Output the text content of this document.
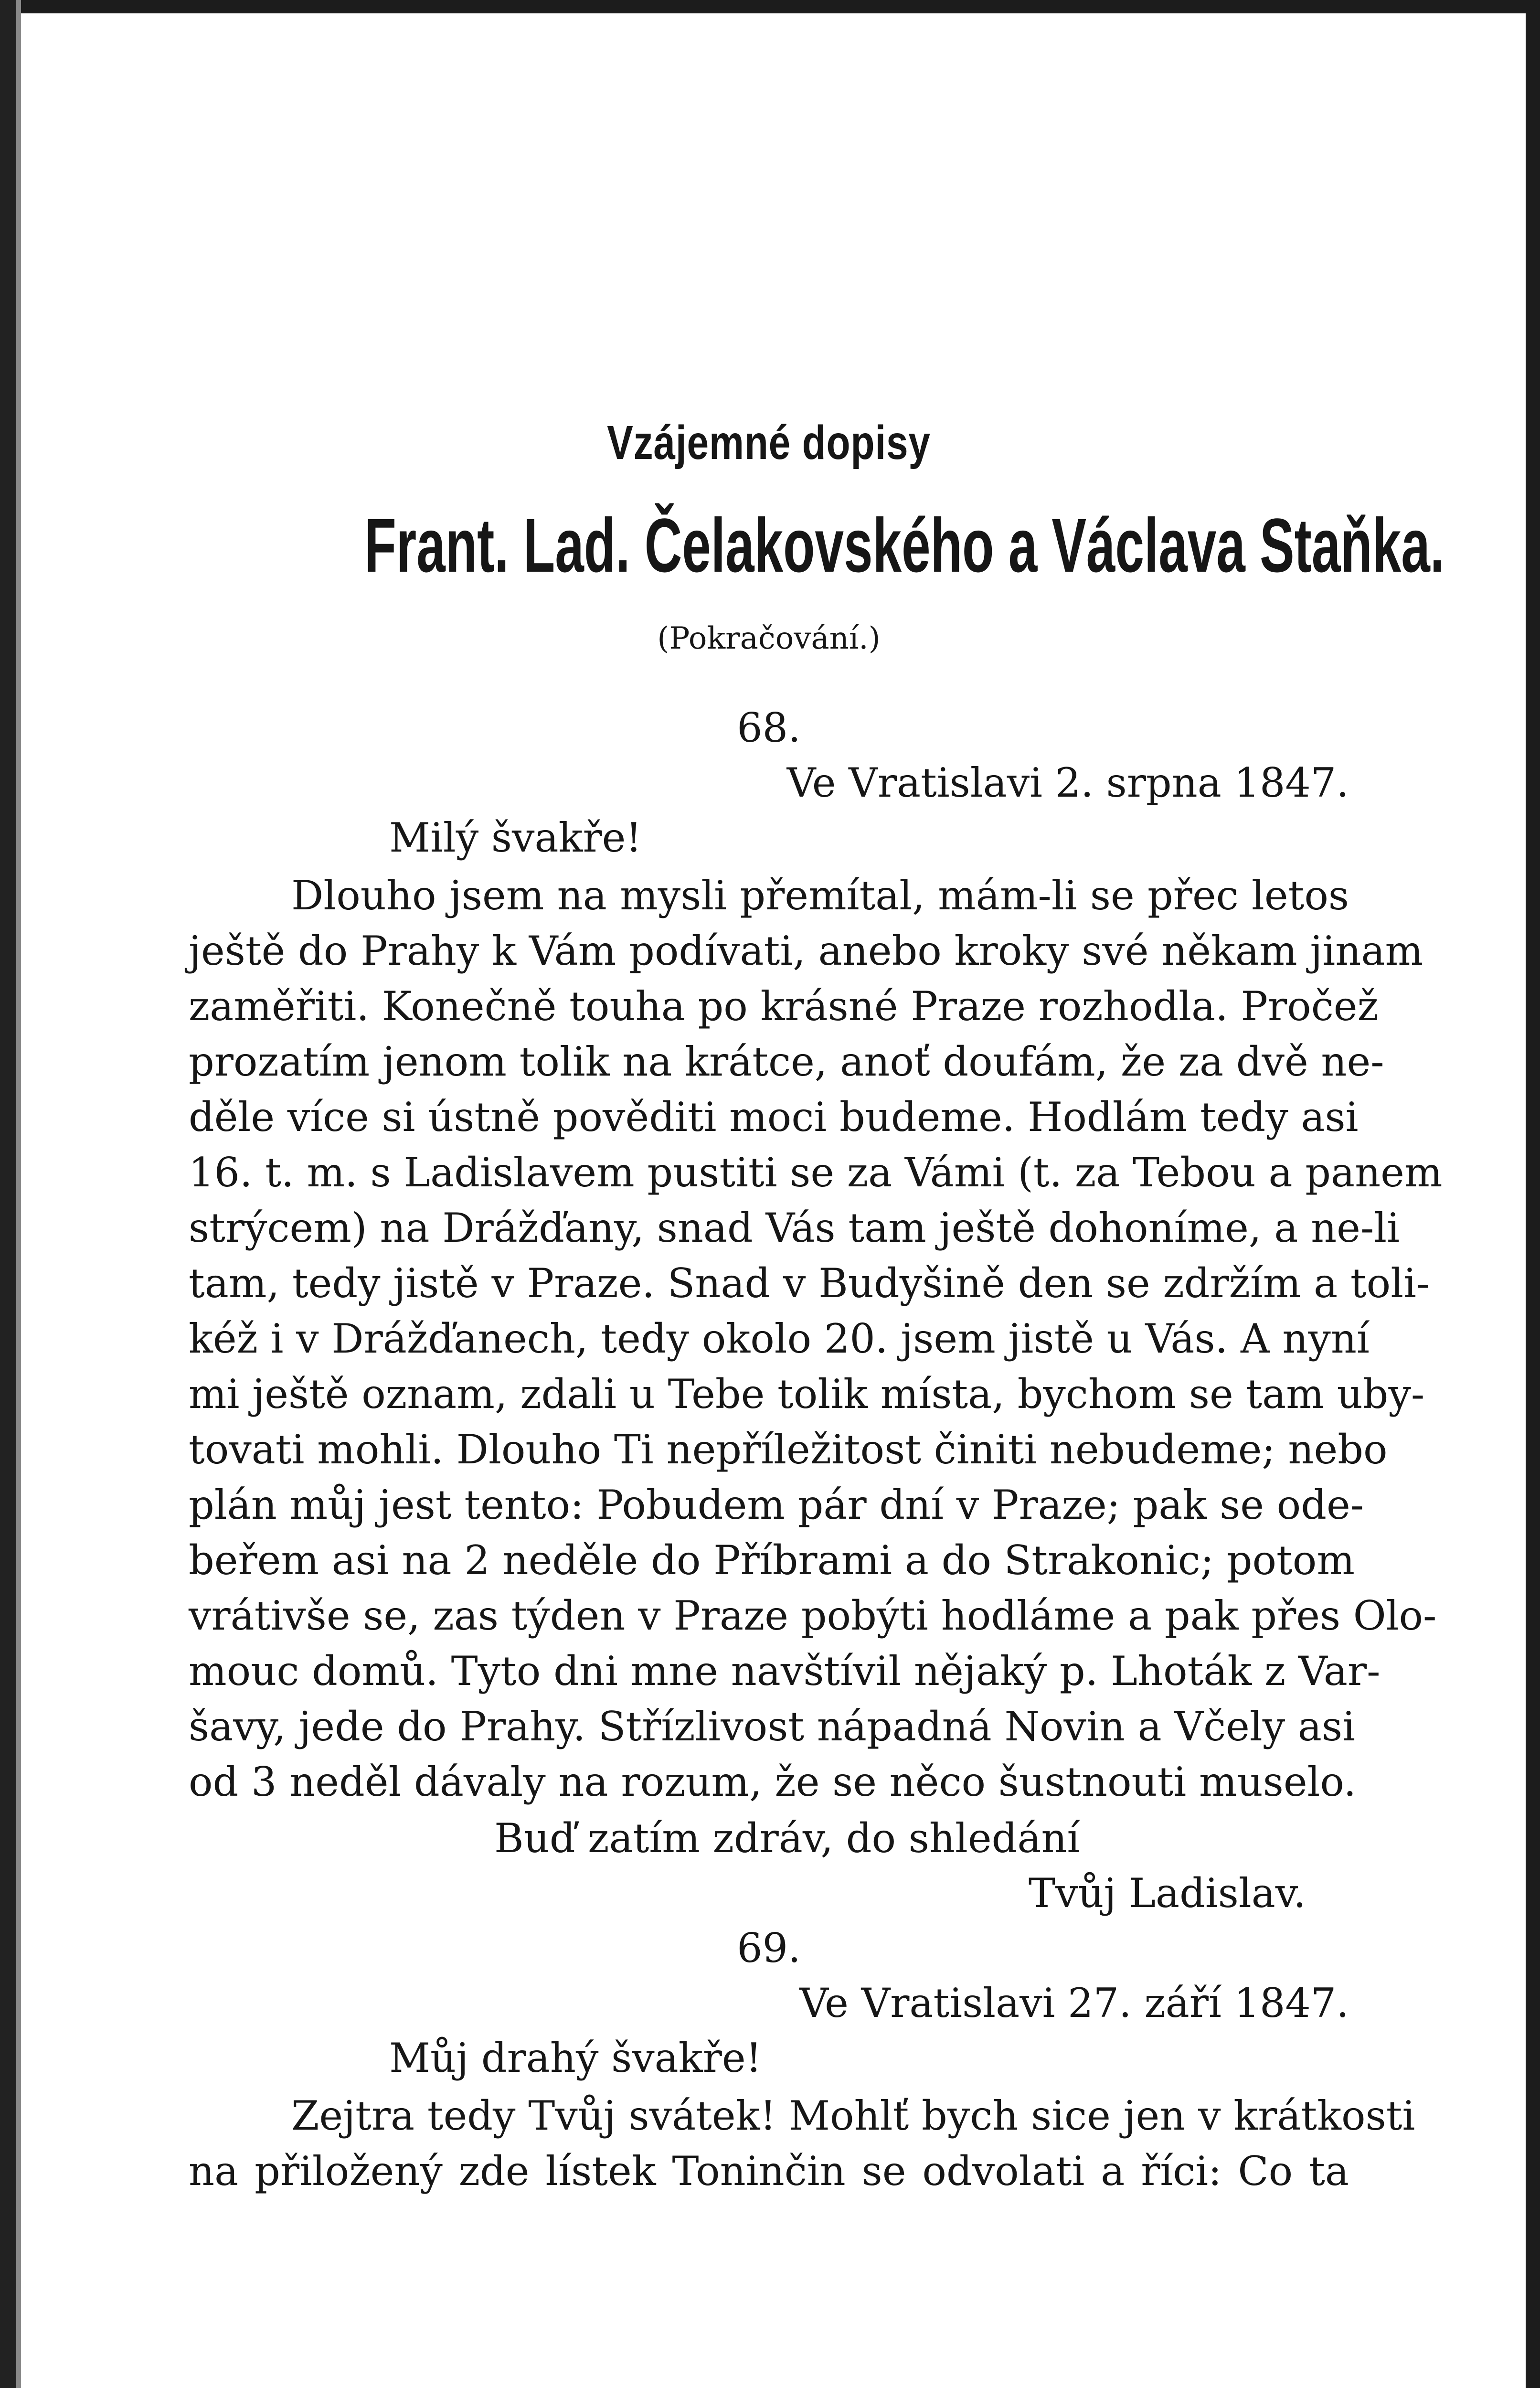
Vzájemné dopisy
Frant. Lad. Čelakovského a Václava Staňka.
(Pokračování.)
68.
Ve Vratislavi 2. srpna 1847.
Milý švakře!
Dlouho jsem na mysli přemítal, mám-li se přec letos
ještě do Prahy k Vám podívati, anebo kroky své někam jinam
zaměřiti. Konečně touha po krásné Praze rozhodla. Pročež
prozatím jenom tolik na krátce, anoť doufám, že za dvě ne-
děle více si ústně pověditi moci budeme. Hodlám tedy asi
16. t. m. s Ladislavem pustiti se za Vámi (t. za Tebou a panem
strýcem) na Drážďany, snad Vás tam ještě dohoníme, a ne-li
tam, tedy jistě v Praze. Snad v Budyšině den se zdržím a toli-
kéž i v Drážďanech, tedy okolo 20. jsem jistě u Vás. A nyní
mi ještě oznam, zdali u Tebe tolik místa, bychom se tam uby-
tovati mohli. Dlouho Ti nepříležitost činiti nebudeme; nebo
plán můj jest tento: Pobudem pár dní v Praze; pak se ode-
beřem asi na 2 neděle do Příbrami a do Strakonic; potom
vrátivše se, zas týden v Praze pobýti hodláme a pak přes Olo-
mouc domů. Tyto dni mne navštívil nějaký p. Lhoták z Var-
šavy, jede do Prahy. Střízlivost nápadná Novin a Včely asi
od 3 neděl dávaly na rozum, že se něco šustnouti muselo.
Buď zatím zdráv, do shledání
Tvůj Ladislav.
69.
Ve Vratislavi 27. září 1847.
Můj drahý švakře!
Zejtra tedy Tvůj svátek! Mohlť bych sice jen v krátkosti
na přiložený zde lístek Toninčin se odvolati a říci: Co ta
